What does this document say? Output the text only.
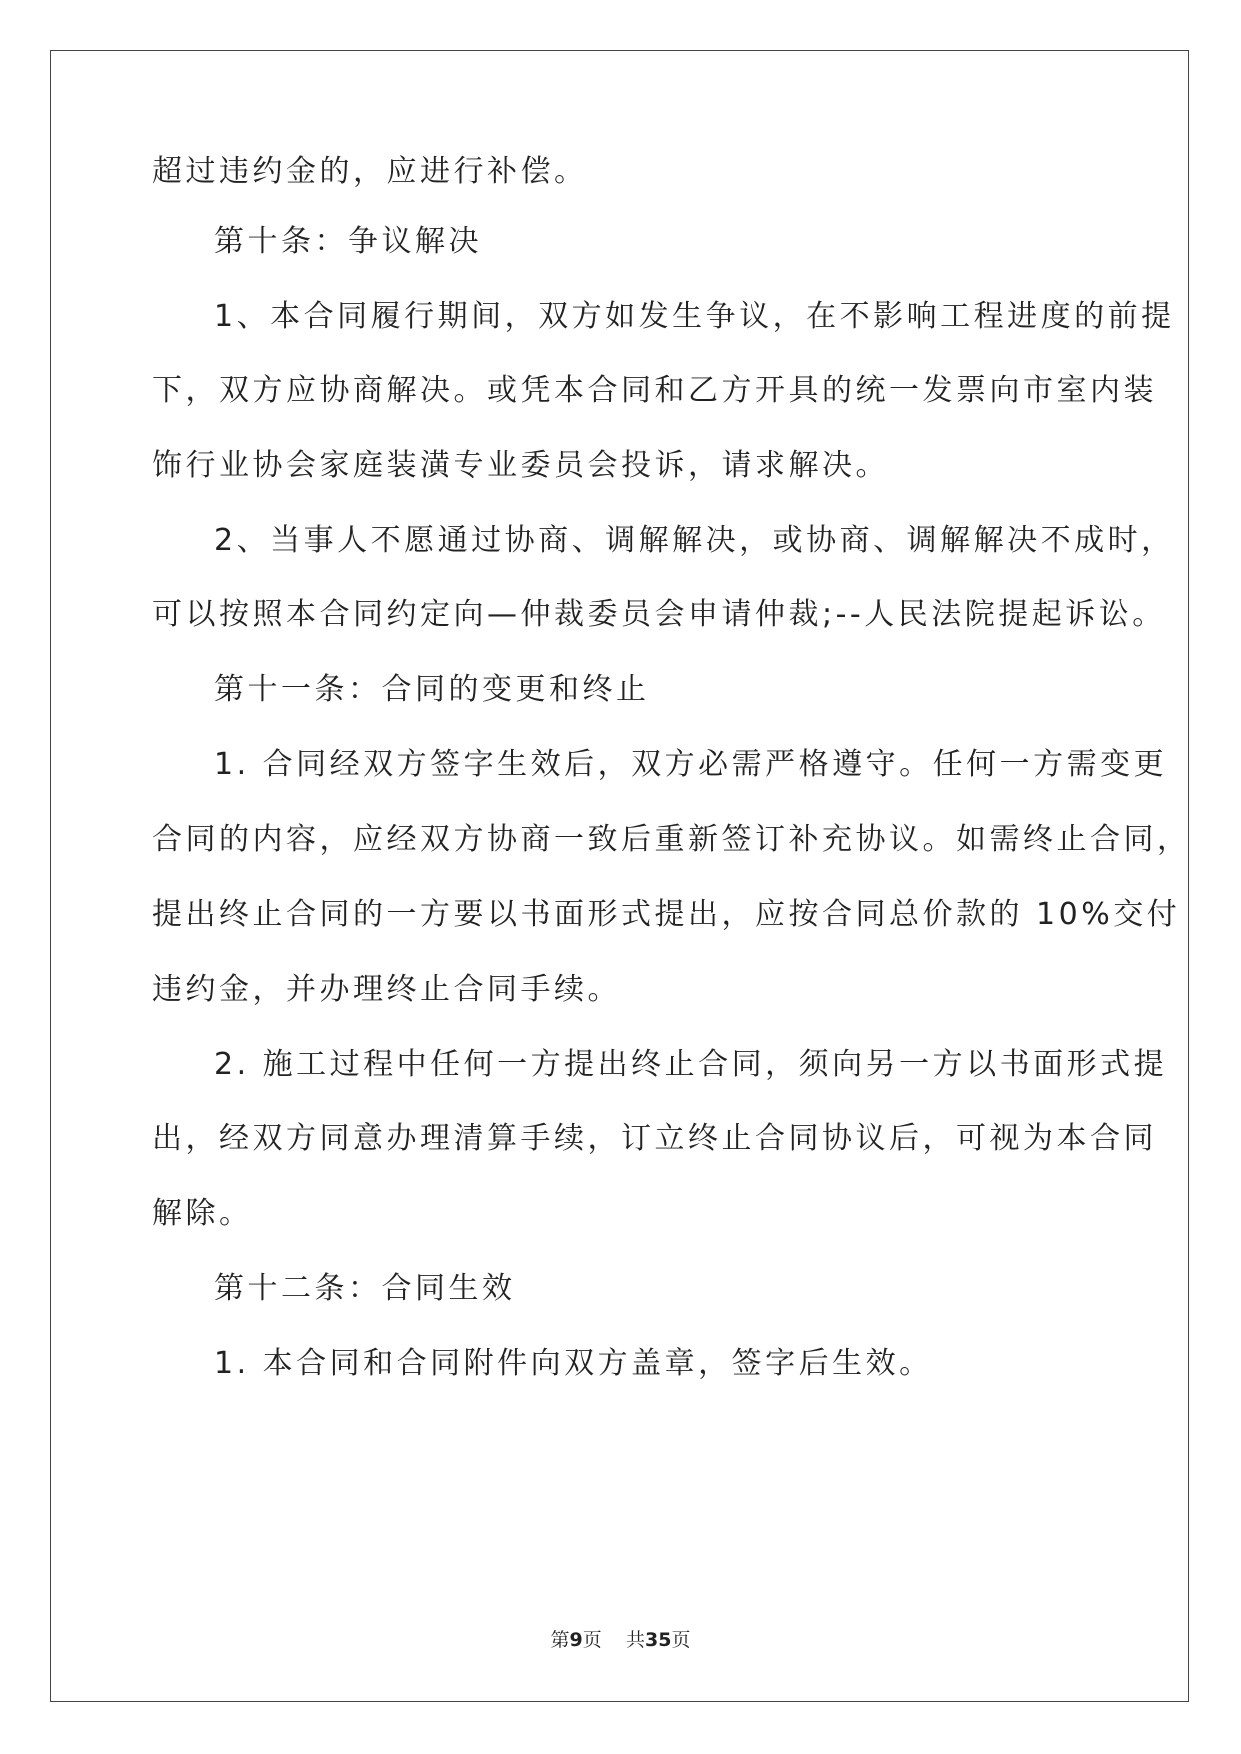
超过违约金的，应进行补偿。
第十条：争议解决
1、本合同履行期间，双方如发生争议，在不影响工程进度的前提
下，双方应协商解决。或凭本合同和乙方开具的统一发票向市室内装
饰行业协会家庭装潢专业委员会投诉，请求解决。
2、当事人不愿通过协商、调解解决，或协商、调解解决不成时，
可以按照本合同约定向—仲裁委员会申请仲裁;--人民法院提起诉讼。
第十一条：合同的变更和终止
1. 合同经双方签字生效后，双方必需严格遵守。任何一方需变更
合同的内容，应经双方协商一致后重新签订补充协议。如需终止合同，
提出终止合同的一方要以书面形式提出，应按合同总价款的 10%交付
违约金，并办理终止合同手续。
2. 施工过程中任何一方提出终止合同，须向另一方以书面形式提
出，经双方同意办理清算手续，订立终止合同协议后，可视为本合同
解除。
第十二条：合同生效
1. 本合同和合同附件向双方盖章，签字后生效。
第9页 共35页
